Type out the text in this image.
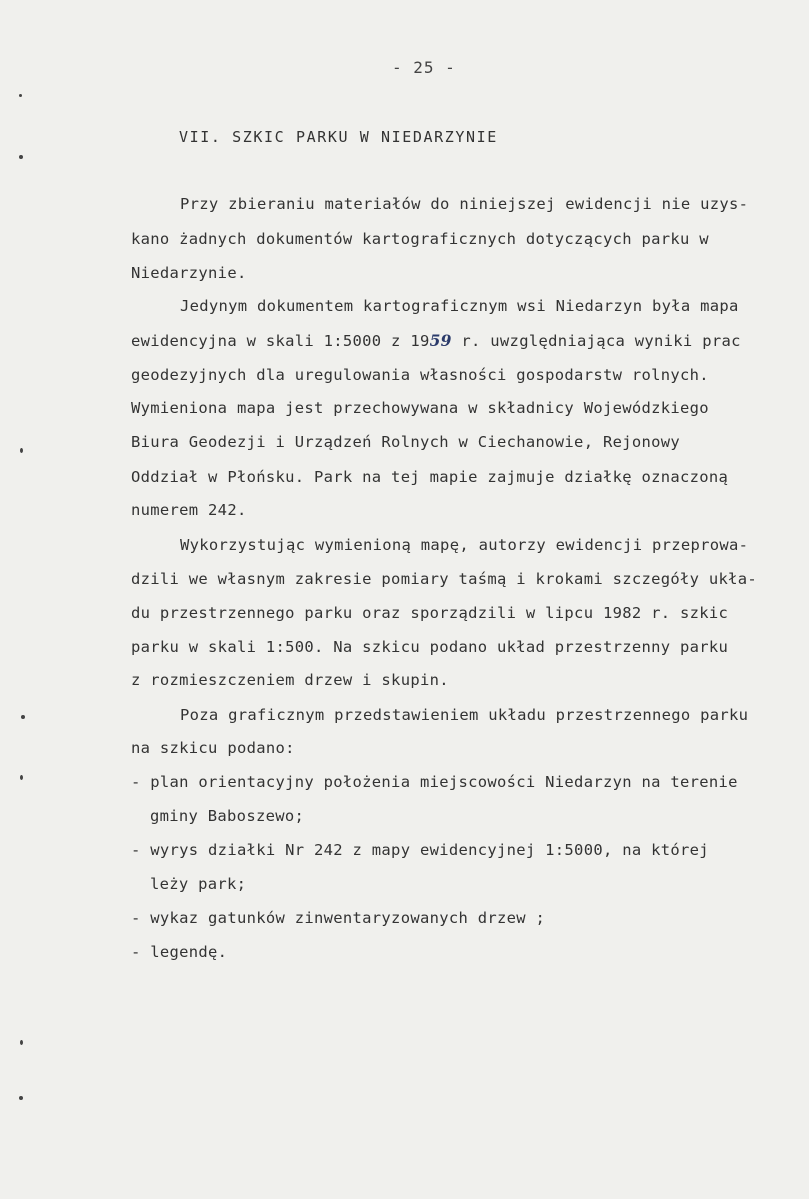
- 25 -
VII. SZKIC PARKU W NIEDARZYNIE
Przy zbieraniu materiałów do niniejszej ewidencji nie uzys-
kano żadnych dokumentów kartograficznych dotyczących parku w
Niedarzynie.
Jedynym dokumentem kartograficznym wsi Niedarzyn była mapa
ewidencyjna w skali 1:5000 z 1959 r. uwzględniająca wyniki prac
geodezyjnych dla uregulowania własności gospodarstw rolnych.
Wymieniona mapa jest przechowywana w składnicy Wojewódzkiego
Biura Geodezji i Urządzeń Rolnych w Ciechanowie, Rejonowy
Oddział w Płońsku. Park na tej mapie zajmuje działkę oznaczoną
numerem 242.
Wykorzystując wymienioną mapę, autorzy ewidencji przeprowa-
dzili we własnym zakresie pomiary taśmą i krokami szczegóły ukła-
du przestrzennego parku oraz sporządzili w lipcu 1982 r. szkic
parku w skali 1:500. Na szkicu podano układ przestrzenny parku
z rozmieszczeniem drzew i skupin.
Poza graficznym przedstawieniem układu przestrzennego parku
na szkicu podano:
- plan orientacyjny położenia miejscowości Niedarzyn na terenie
gminy Baboszewo;
- wyrys działki Nr 242 z mapy ewidencyjnej 1:5000, na której
leży park;
- wykaz gatunków zinwentaryzowanych drzew ;
- legendę.
